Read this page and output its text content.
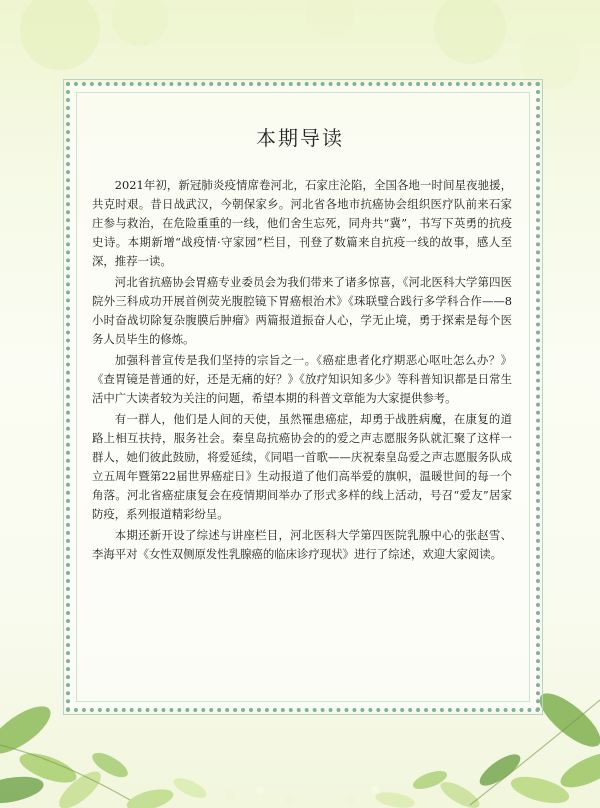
本期导读

2021年初，新冠肺炎疫情席卷河北，石家庄沦陷，全国各地一时间星夜驰援，共克时艰。昔日战武汉，今朝保家乡。河北省各地市抗癌协会组织医疗队前来石家庄参与救治，在危险重重的一线，他们舍生忘死，同舟共“冀”，书写下英勇的抗疫史诗。本期新增“战疫情·守家园”栏目，刊登了数篇来自抗疫一线的故事，感人至深，推荐一读。

河北省抗癌协会胃癌专业委员会为我们带来了诸多惊喜，《河北医科大学第四医院外三科成功开展首例荧光腹腔镜下胃癌根治术》《珠联璧合践行多学科合作——8小时奋战切除复杂腹膜后肿瘤》两篇报道振奋人心，学无止境，勇于探索是每个医务人员毕生的修炼。

加强科普宣传是我们坚持的宗旨之一。《癌症患者化疗期恶心呕吐怎么办？》《查胃镜是普通的好，还是无痛的好？》《放疗知识知多少》等科普知识都是日常生活中广大读者较为关注的问题，希望本期的科普文章能为大家提供参考。

有一群人，他们是人间的天使，虽然罹患癌症，却勇于战胜病魔，在康复的道路上相互扶持，服务社会。秦皇岛抗癌协会的的爱之声志愿服务队就汇聚了这样一群人，她们彼此鼓励，将爱延续，《同唱一首歌——庆祝秦皇岛爱之声志愿服务队成立五周年暨第22届世界癌症日》生动报道了他们高举爱的旗帜，温暖世间的每一个角落。河北省癌症康复会在疫情期间举办了形式多样的线上活动，号召“爱友”居家防疫，系列报道精彩纷呈。

本期还新开设了综述与讲座栏目，河北医科大学第四医院乳腺中心的张赵雪、李海平对《女性双侧原发性乳腺癌的临床诊疗现状》进行了综述，欢迎大家阅读。
